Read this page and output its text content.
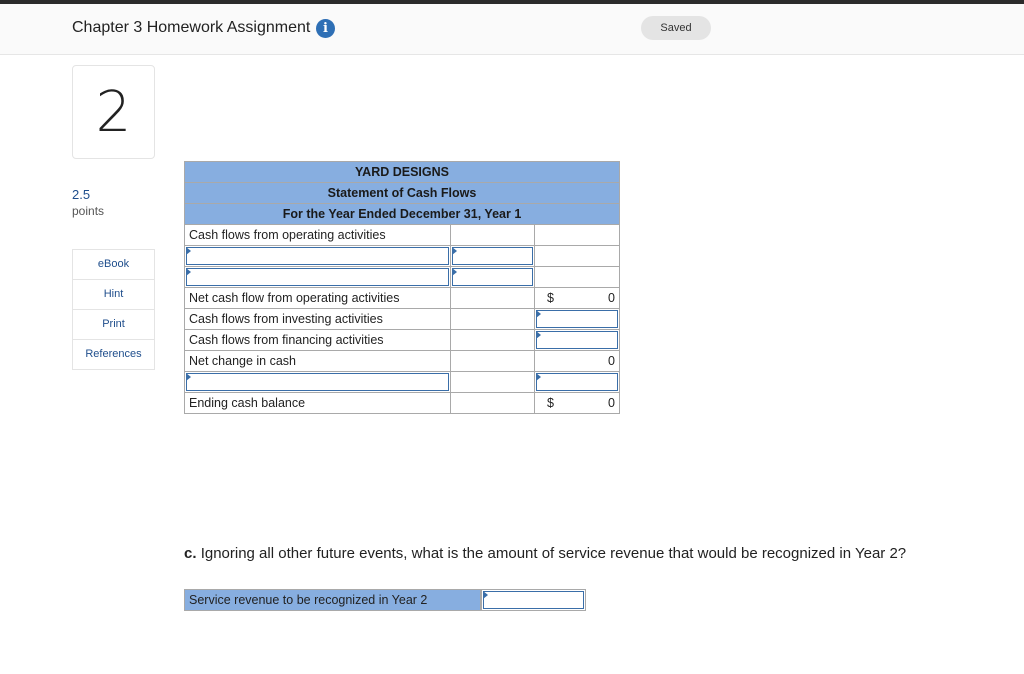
Chapter 3 Homework Assignment i	Saved
2
2.5
points
eBook
Hint
Print
References
YARD DESIGNS		
Statement of Cash Flows		
For the Year Ended December 31, Year 1		
Cash flows from operating activities		

Net cash flow from operating activities		$ 0

Cash flows from investing activities		

Cash flows from financing activities		

Net change in cash		0

Ending cash balance		$ 0
c. Ignoring all other future events, what is the amount of service revenue that would be recognized in Year 2?
Service revenue to be recognized in Year 2
